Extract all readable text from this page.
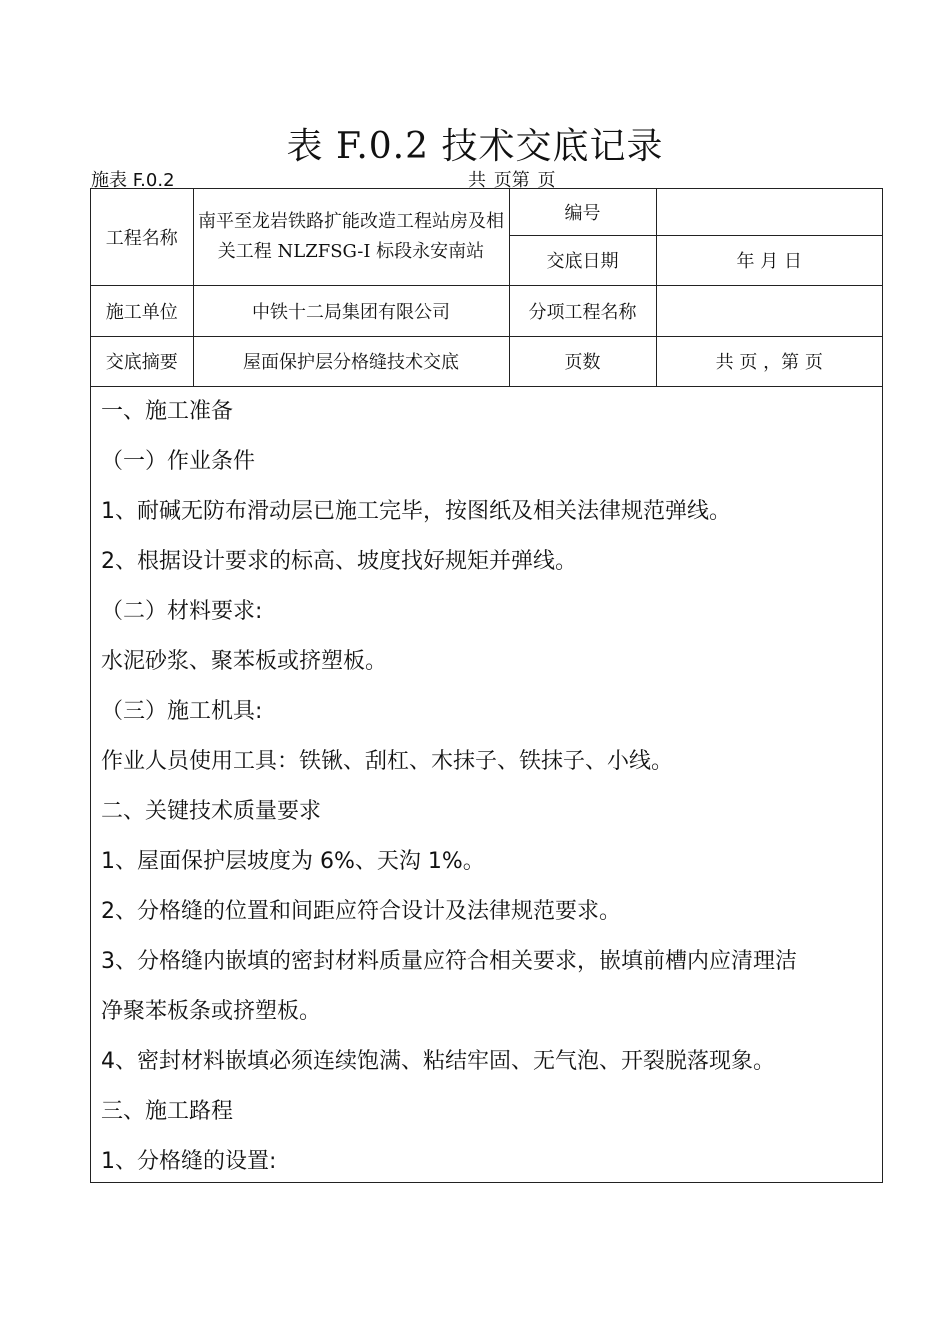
表 F.0.2 技术交底记录
施表 F.0.2	共 页第 页
工程名称	南平至龙岩铁路扩能改造工程站房及相关工程 NLZFSG-I 标段永安南站	编号	
		交底日期	年 月 日
施工单位	中铁十二局集团有限公司	分项工程名称	
交底摘要	屋面保护层分格缝技术交底	页数	共 页 ，第 页
一、施工准备
（一）作业条件
1、耐碱无防布滑动层已施工完毕，按图纸及相关法律规范弹线。
2、根据设计要求的标高、坡度找好规矩并弹线。
（二）材料要求:
水泥砂浆、聚苯板或挤塑板。
（三）施工机具:
作业人员使用工具：铁锹、刮杠、木抹子、铁抹子、小线。
二、关键技术质量要求
1、屋面保护层坡度为 6%、天沟 1%。
2、分格缝的位置和间距应符合设计及法律规范要求。
3、分格缝内嵌填的密封材料质量应符合相关要求，嵌填前槽内应清理洁
净聚苯板条或挤塑板。
4、密封材料嵌填必须连续饱满、粘结牢固、无气泡、开裂脱落现象。
三、施工路程
1、分格缝的设置:
